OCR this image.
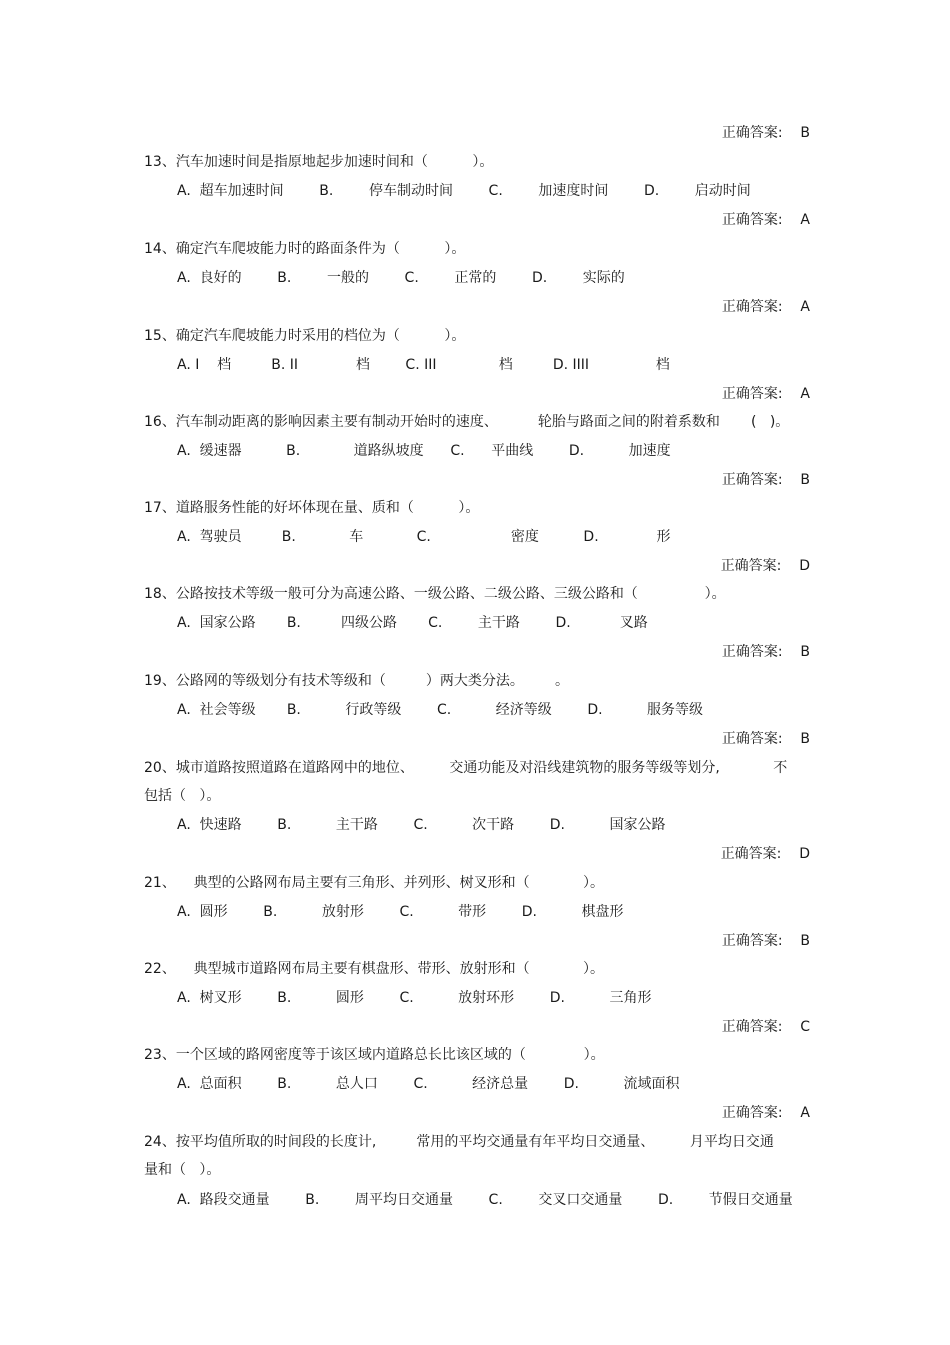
正确答案:    B
13、汽车加速时间是指原地起步加速时间和（          ）。
A.  超车加速时间        B.        停车制动时间        C.        加速度时间        D.        启动时间
正确答案:    A
14、确定汽车爬坡能力时的路面条件为（          ）。
A.  良好的        B.        一般的        C.        正常的        D.        实际的
正确答案:    A
15、确定汽车爬坡能力时采用的档位为（          ）。
A. I    档         B. II             档        C. III              档         D. IIII               档
正确答案:    A
16、汽车制动距离的影响因素主要有制动开始时的速度、         轮胎与路面之间的附着系数和       (   )。
A.  缓速器          B.            道路纵坡度      C.      平曲线        D.          加速度
正确答案:    B
17、道路服务性能的好坏体现在量、质和（          ）。
A.  驾驶员         B.            车            C.                  密度          D.             形
正确答案:    D
18、公路按技术等级一般可分为高速公路、一级公路、二级公路、三级公路和（               ）。
A.  国家公路       B.         四级公路       C.        主干路        D.           叉路
正确答案:    B
19、公路网的等级划分有技术等级和（         ）两大类分法。       。
A.  社会等级       B.          行政等级        C.          经济等级        D.          服务等级
正确答案:    B
20、城市道路按照道路在道路网中的地位、        交通功能及对沿线建筑物的服务等级等划分,            不
包括（   ）。
A.  快速路        B.          主干路        C.          次干路        D.          国家公路
正确答案:    D
21、    典型的公路网布局主要有三角形、并列形、树叉形和（            ）。
A.  圆形        B.          放射形        C.          带形        D.          棋盘形
正确答案:    B
22、    典型城市道路网布局主要有棋盘形、带形、放射形和（            ）。
A.  树叉形        B.          圆形        C.          放射环形        D.          三角形
正确答案:    C
23、一个区域的路网密度等于该区域内道路总长比该区域的（             ）。
A.  总面积        B.          总人口        C.          经济总量        D.          流域面积
正确答案:    A
24、按平均值所取的时间段的长度计,         常用的平均交通量有年平均日交通量、        月平均日交通
量和（   ）。
A.  路段交通量        B.        周平均日交通量        C.        交叉口交通量        D.        节假日交通量
